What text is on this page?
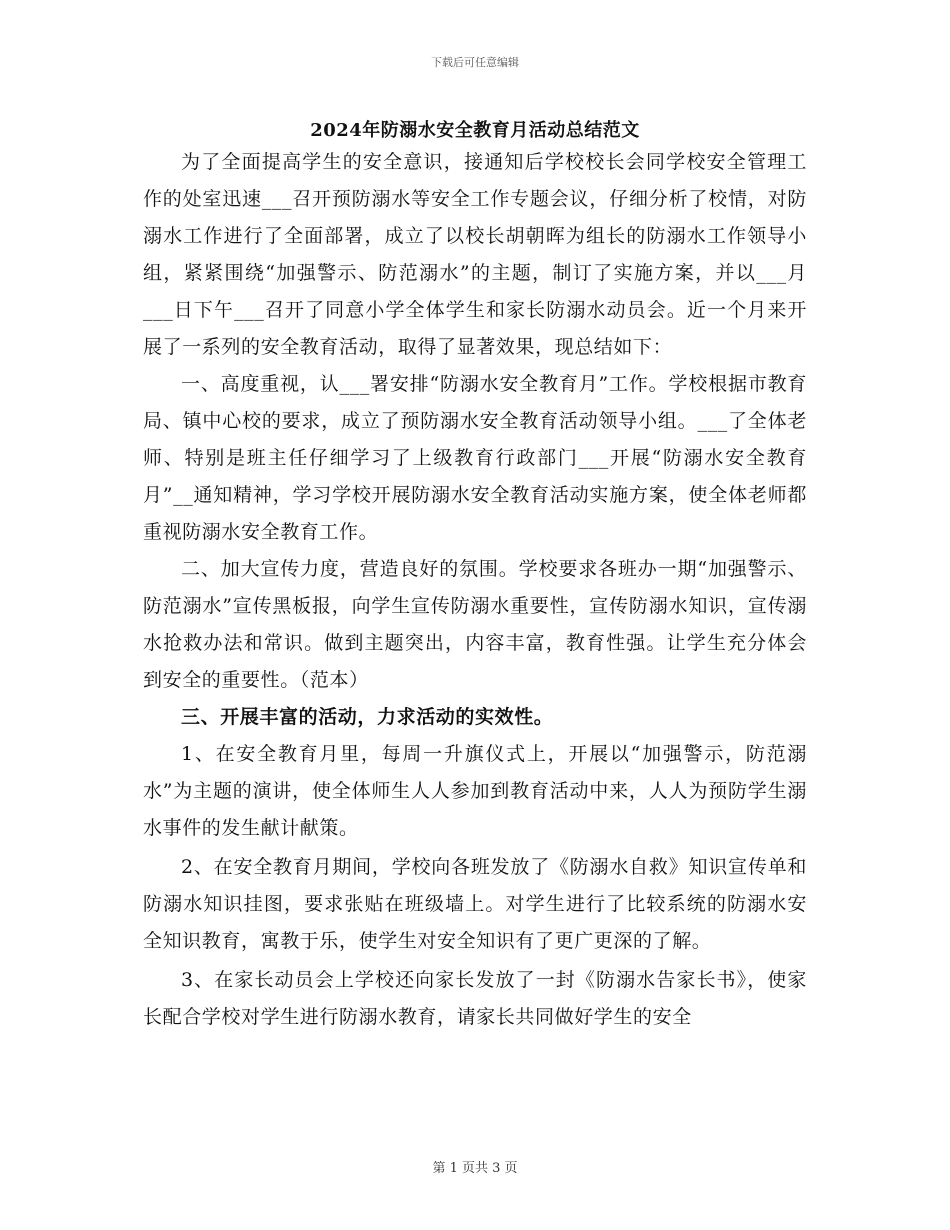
下载后可任意编辑
2024年防溺水安全教育月活动总结范文

为了全面提高学生的安全意识，接通知后学校校长会同学校安全管理工作的处室迅速___召开预防溺水等安全工作专题会议，仔细分析了校情，对防溺水工作进行了全面部署，成立了以校长胡朝晖为组长的防溺水工作领导小组，紧紧围绕“加强警示、防范溺水”的主题，制订了实施方案，并以___月___日下午___召开了同意小学全体学生和家长防溺水动员会。近一个月来开展了一系列的安全教育活动，取得了显著效果，现总结如下：

一、高度重视，认___署安排“防溺水安全教育月”工作。学校根据市教育局、镇中心校的要求，成立了预防溺水安全教育活动领导小组。___了全体老师、特别是班主任仔细学习了上级教育行政部门___开展“防溺水安全教育月”__通知精神，学习学校开展防溺水安全教育活动实施方案，使全体老师都重视防溺水安全教育工作。

二、加大宣传力度，营造良好的氛围。学校要求各班办一期“加强警示、防范溺水”宣传黑板报，向学生宣传防溺水重要性，宣传防溺水知识，宣传溺水抢救办法和常识。做到主题突出，内容丰富，教育性强。让学生充分体会到安全的重要性。（范本）

三、开展丰富的活动，力求活动的实效性。

1、在安全教育月里，每周一升旗仪式上，开展以“加强警示，防范溺水”为主题的演讲，使全体师生人人参加到教育活动中来，人人为预防学生溺水事件的发生献计献策。

2、在安全教育月期间，学校向各班发放了《防溺水自救》知识宣传单和防溺水知识挂图，要求张贴在班级墙上。对学生进行了比较系统的防溺水安全知识教育，寓教于乐，使学生对安全知识有了更广更深的了解。

3、在家长动员会上学校还向家长发放了一封《防溺水告家长书》，使家长配合学校对学生进行防溺水教育，请家长共同做好学生的安全

第 1 页共 3 页
